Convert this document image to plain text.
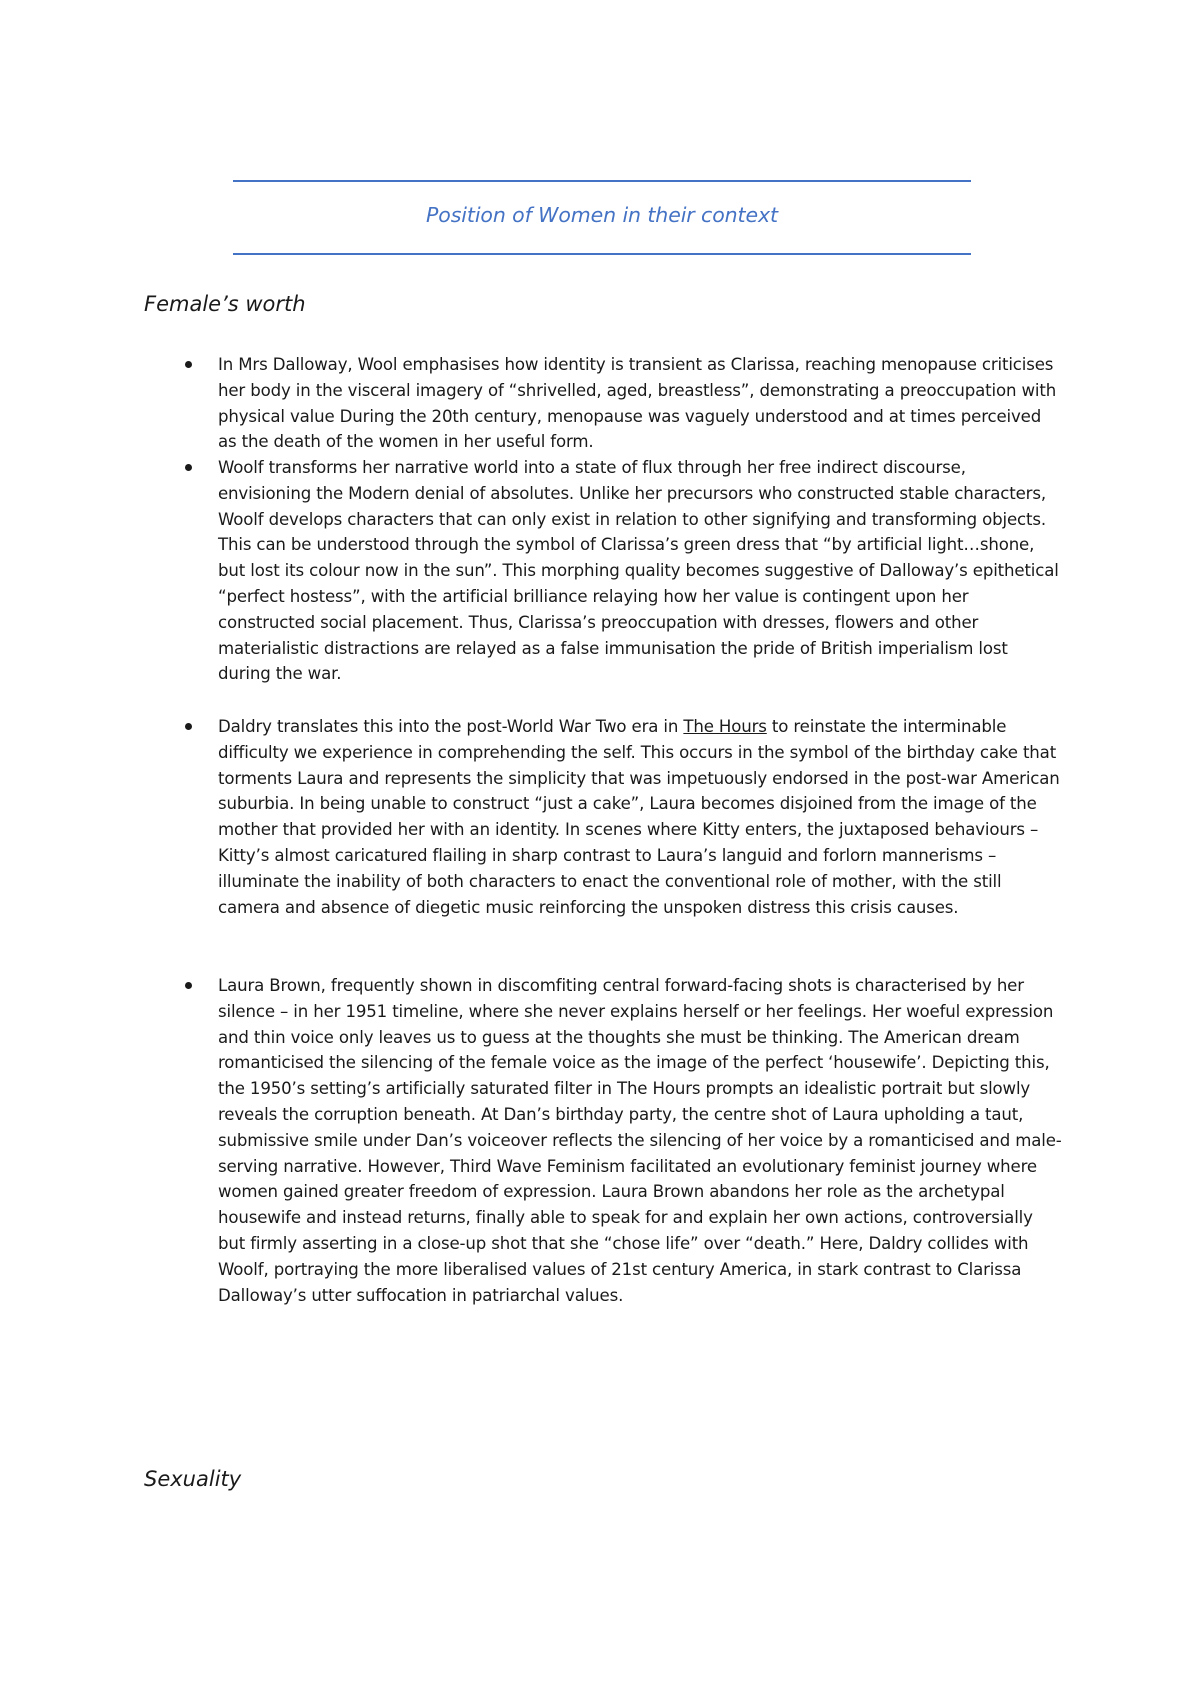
Position of Women in their context
Female’s worth
In Mrs Dalloway, Wool emphasises how identity is transient as Clarissa, reaching menopause criticises her body in the visceral imagery of “shrivelled, aged, breastless”, demonstrating a preoccupation with physical value During the 20th century, menopause was vaguely understood and at times perceived as the death of the women in her useful form.
Woolf transforms her narrative world into a state of flux through her free indirect discourse, envisioning the Modern denial of absolutes. Unlike her precursors who constructed stable characters, Woolf develops characters that can only exist in relation to other signifying and transforming objects. This can be understood through the symbol of Clarissa’s green dress that “by artificial light…shone, but lost its colour now in the sun”. This morphing quality becomes suggestive of Dalloway’s epithetical “perfect hostess”, with the artificial brilliance relaying how her value is contingent upon her constructed social placement. Thus, Clarissa’s preoccupation with dresses, flowers and other materialistic distractions are relayed as a false immunisation the pride of British imperialism lost during the war.
Daldry translates this into the post-World War Two era in The Hours to reinstate the interminable difficulty we experience in comprehending the self. This occurs in the symbol of the birthday cake that torments Laura and represents the simplicity that was impetuously endorsed in the post-war American suburbia. In being unable to construct “just a cake”, Laura becomes disjoined from the image of the mother that provided her with an identity. In scenes where Kitty enters, the juxtaposed behaviours – Kitty’s almost caricatured flailing in sharp contrast to Laura’s languid and forlorn mannerisms – illuminate the inability of both characters to enact the conventional role of mother, with the still camera and absence of diegetic music reinforcing the unspoken distress this crisis causes.
Laura Brown, frequently shown in discomfiting central forward-facing shots is characterised by her silence – in her 1951 timeline, where she never explains herself or her feelings. Her woeful expression and thin voice only leaves us to guess at the thoughts she must be thinking. The American dream romanticised the silencing of the female voice as the image of the perfect ‘housewife’. Depicting this, the 1950’s setting’s artificially saturated filter in The Hours prompts an idealistic portrait but slowly reveals the corruption beneath. At Dan’s birthday party, the centre shot of Laura upholding a taut, submissive smile under Dan’s voiceover reflects the silencing of her voice by a romanticised and male-serving narrative. However, Third Wave Feminism facilitated an evolutionary feminist journey where women gained greater freedom of expression. Laura Brown abandons her role as the archetypal housewife and instead returns, finally able to speak for and explain her own actions, controversially but firmly asserting in a close-up shot that she “chose life” over “death.” Here, Daldry collides with Woolf, portraying the more liberalised values of 21st century America, in stark contrast to Clarissa Dalloway’s utter suffocation in patriarchal values.
Sexuality
